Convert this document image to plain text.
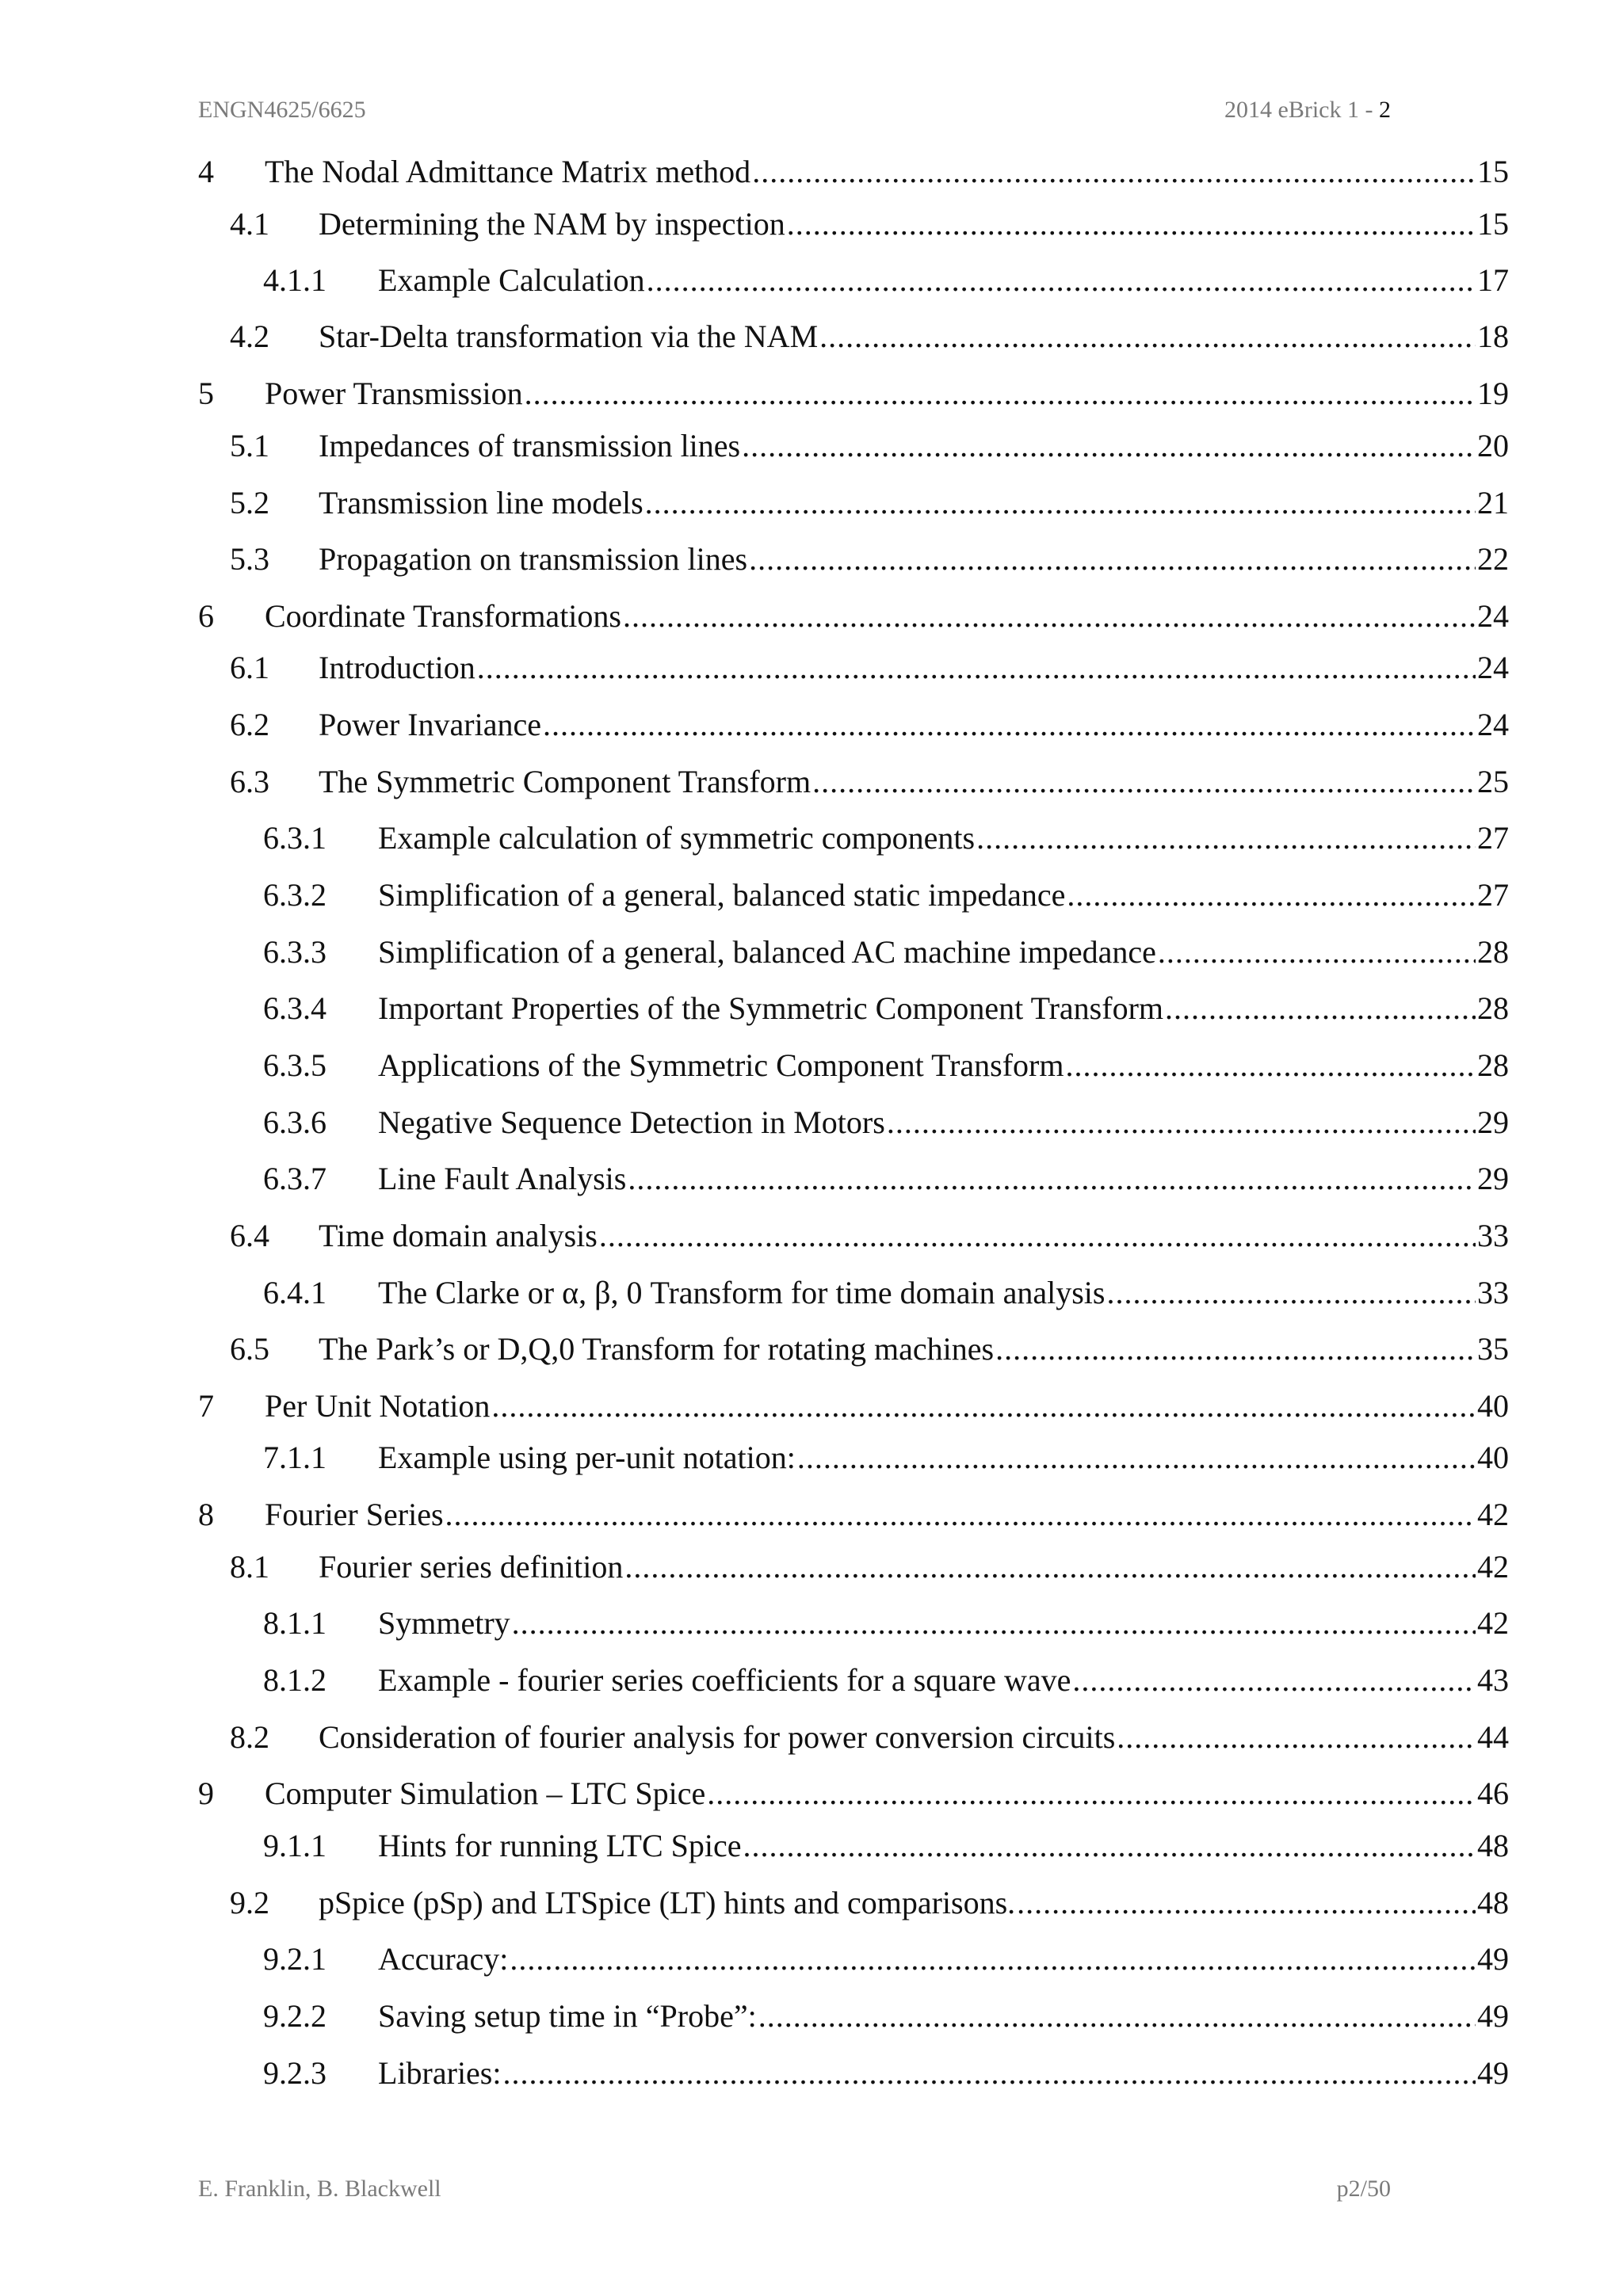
ENGN4625/6625	2014 eBrick 1 - 2
4	The Nodal Admittance Matrix method .....	15
4.1	Determining the NAM by inspection .....	15
4.1.1	Example Calculation .....	17
4.2	Star-Delta transformation via the NAM .....	18
5	Power Transmission .....	19
5.1	Impedances of transmission lines .....	20
5.2	Transmission line models .....	21
5.3	Propagation on transmission lines .....	22
6	Coordinate Transformations .....	24
6.1	Introduction .....	24
6.2	Power Invariance .....	24
6.3	The Symmetric Component Transform .....	25
6.3.1	Example calculation of symmetric components .....	27
6.3.2	Simplification of a general, balanced static impedance .....	27
6.3.3	Simplification of a general, balanced AC machine impedance .....	28
6.3.4	Important Properties of the Symmetric Component Transform .....	28
6.3.5	Applications of the Symmetric Component Transform .....	28
6.3.6	Negative Sequence Detection in Motors .....	29
6.3.7	Line Fault Analysis .....	29
6.4	Time domain analysis .....	33
6.4.1	The Clarke or α, β, 0 Transform for time domain analysis .....	33
6.5	The Park’s or D,Q,0 Transform for rotating machines .....	35
7	Per Unit Notation .....	40
7.1.1	Example using per-unit notation: .....	40
8	Fourier Series .....	42
8.1	Fourier series definition .....	42
8.1.1	Symmetry .....	42
8.1.2	Example - fourier series coefficients for a square wave .....	43
8.2	Consideration of fourier analysis for power conversion circuits .....	44
9	Computer Simulation – LTC Spice .....	46
9.1.1	Hints for running LTC Spice .....	48
9.2	pSpice (pSp) and LTSpice (LT) hints and comparisons. .....	48
9.2.1	Accuracy: .....	49
9.2.2	Saving setup time in “Probe”: .....	49
9.2.3	Libraries: .....	49
E. Franklin, B. Blackwell	p2/50
